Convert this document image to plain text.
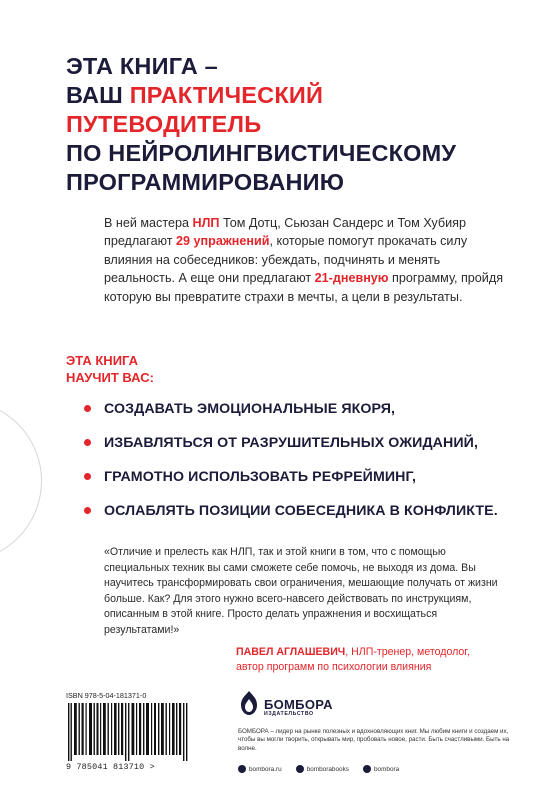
ЭТА КНИГА –
ВАШ ПРАКТИЧЕСКИЙ
ПУТЕВОДИТЕЛЬ
ПО НЕЙРОЛИНГВИСТИЧЕСКОМУ
ПРОГРАММИРОВАНИЮ
В ней мастера НЛП Том Дотц, Сьюзан Сандерс и Том Хубияр предлагают 29 упражнений, которые помогут прокачать силу влияния на собеседников: убеждать, подчинять и менять реальность. А еще они предлагают 21-дневную программу, пройдя которую вы превратите страхи в мечты, а цели в результаты.
ЭТА КНИГА
НАУЧИТ ВАС:
СОЗДАВАТЬ ЭМОЦИОНАЛЬНЫЕ ЯКОРЯ,
ИЗБАВЛЯТЬСЯ ОТ РАЗРУШИТЕЛЬНЫХ ОЖИДАНИЙ,
ГРАМОТНО ИСПОЛЬЗОВАТЬ РЕФРЕЙМИНГ,
ОСЛАБЛЯТЬ ПОЗИЦИИ СОБЕСЕДНИКА В КОНФЛИКТЕ.
«Отличие и прелесть как НЛП, так и этой книги в том, что с помощью специальных техник вы сами сможете себе помочь, не выходя из дома. Вы научитесь трансформировать свои ограничения, мешающие получать от жизни больше. Как? Для этого нужно всего-навсего действовать по инструкциям, описанным в этой книге. Просто делать упражнения и восхищаться результатами!»
ПАВЕЛ АГЛАШЕВИЧ, НЛП-тренер, методолог,
автор программ по психологии влияния
ISBN 978-5-04-181371-0
9 785041 813710 >
БОМБОРА
ИЗДАТЕЛЬСТВО
БОМБОРА – лидер на рынке полезных и вдохновляющих книг. Мы любим книги и создаем их, чтобы вы могли творить, открывать мир, пробовать новое, расти. Быть счастливыми. Быть на волне.
bombora.ru	bomborabooks	bombora
